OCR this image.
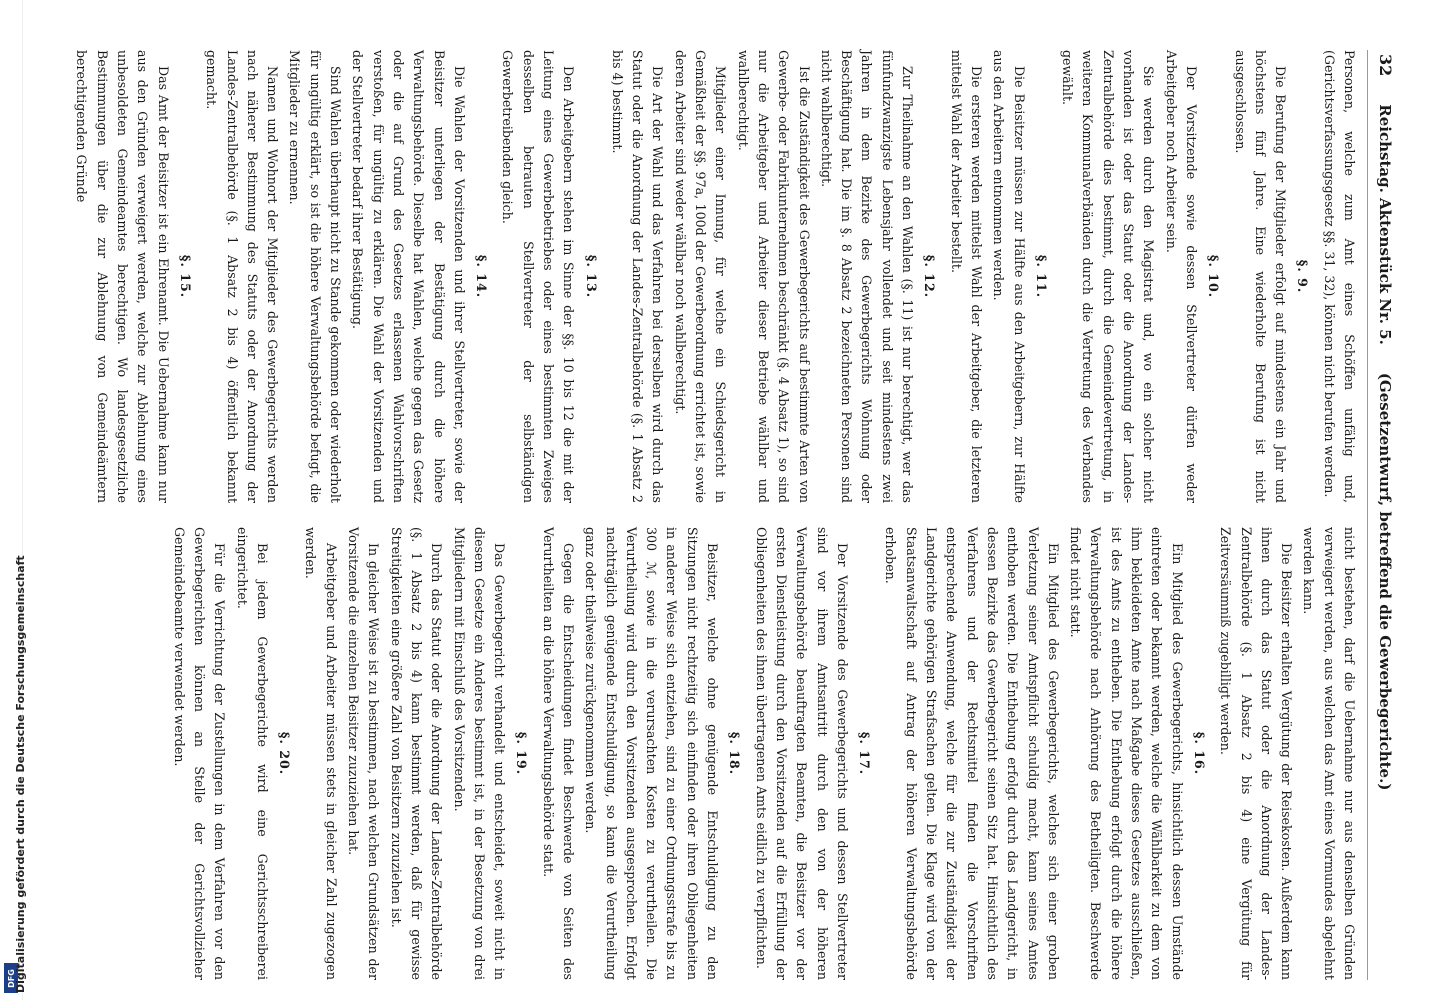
DFG
Digitalisierung gefördert durch die Deutsche Forschungsgemeinschaft
32
Reichstag. Aktenstück Nr. 5.
(Gesetzentwurf, betreffend die Gewerbegerichte.)

Personen, welche zum Amt eines Schöffen unfähig und, (Gerichtsverfassungsgesetz §§. 31, 32), können nicht berufen werden.

§. 9.

Die Berufung der Mitglieder erfolgt auf mindestens ein Jahr und höchstens fünf Jahre. Eine wiederholte Berufung ist nicht ausgeschlossen.

§. 10.

Der Vorsitzende sowie dessen Stellvertreter dürfen weder Arbeitgeber noch Arbeiter sein.

Sie werden durch den Magistrat und, wo ein solcher nicht vorhanden ist oder das Statut oder die Anordnung der Landes-Zentralbehörde dies bestimmt, durch die Gemeindevertretung, in weiteren Kommunalverbänden durch die Vertretung des Verbandes gewählt.

§. 11.

Die Beisitzer müssen zur Hälfte aus den Arbeitgebern, zur Hälfte aus den Arbeitern entnommen werden.

Die ersteren werden mittelst Wahl der Arbeitgeber, die letzteren mittelst Wahl der Arbeiter bestellt.

§. 12.

Zur Theilnahme an den Wahlen (§. 11) ist nur berechtigt, wer das fünfundzwanzigste Lebensjahr vollendet und seit mindestens zwei Jahren in dem Bezirke des Gewerbegerichts Wohnung oder Beschäftigung hat. Die im §. 8 Absatz 2 bezeichneten Personen sind nicht wahlberechtigt.

Ist die Zuständigkeit des Gewerbegerichts auf bestimmte Arten von Gewerbe- oder Fabrikunternehmen beschränkt (§. 4 Absatz 1), so sind nur die Arbeitgeber und Arbeiter dieser Betriebe wählbar und wahlberechtigt.

Mitglieder einer Innung, für welche ein Schiedsgericht in Gemäßheit der §§. 97a, 100d der Gewerbeordnung errichtet ist, sowie deren Arbeiter sind weder wählbar noch wahlberechtigt.

Die Art der Wahl und das Verfahren bei derselben wird durch das Statut oder die Anordnung der Landes-Zentralbehörde (§. 1 Absatz 2 bis 4) bestimmt.

§. 13.

Den Arbeitgebern stehen im Sinne der §§. 10 bis 12 die mit der Leitung eines Gewerbebetriebes oder eines bestimmten Zweiges desselben betrauten Stellvertreter der selbständigen Gewerbetreibenden gleich.

§. 14.

Die Wahlen der Vorsitzenden und ihrer Stellvertreter, sowie der Beisitzer unterliegen der Bestätigung durch die höhere Verwaltungsbehörde. Dieselbe hat Wahlen, welche gegen das Gesetz oder die auf Grund des Gesetzes erlassenen Wahlvorschriften verstoßen, für ungültig zu erklären. Die Wahl der Vorsitzenden und der Stellvertreter bedarf ihrer Bestätigung.

Sind Wahlen überhaupt nicht zu Stande gekommen oder wiederholt für ungültig erklärt, so ist die höhere Verwaltungsbehörde befugt, die Mitglieder zu ernennen.

Namen und Wohnort der Mitglieder des Gewerbegerichts werden nach näherer Bestimmung des Statuts oder der Anordnung der Landes-Zentralbehörde (§. 1 Absatz 2 bis 4) öffentlich bekannt gemacht.

§. 15.

Das Amt der Beisitzer ist ein Ehrenamt. Die Uebernahme kann nur aus den Gründen verweigert werden, welche zur Ablehnung eines unbesoldeten Gemeindeamtes berechtigen. Wo landesgesetzliche Bestimmungen über die zur Ablehnung von Gemeindeämtern berechtigenden Gründe

nicht bestehen, darf die Uebernahme nur aus denselben Gründen verweigert werden, aus welchen das Amt eines Vormundes abgelehnt werden kann.

Die Beisitzer erhalten Vergütung der Reisekosten. Außerdem kann ihnen durch das Statut oder die Anordnung der Landes-Zentralbehörde (§. 1 Absatz 2 bis 4) eine Vergütung für Zeitversäumniß zugebilligt werden.

§. 16.

Ein Mitglied des Gewerbegerichts, hinsichtlich dessen Umstände eintreten oder bekannt werden, welche die Wählbarkeit zu dem von ihm bekleideten Amte nach Maßgabe dieses Gesetzes ausschließen, ist des Amts zu entheben. Die Enthebung erfolgt durch die höhere Verwaltungsbehörde nach Anhörung des Betheiligten. Beschwerde findet nicht statt.

Ein Mitglied des Gewerbegerichts, welches sich einer groben Verletzung seiner Amtspflicht schuldig macht, kann seines Amtes enthoben werden. Die Enthebung erfolgt durch das Landgericht, in dessen Bezirke das Gewerbegericht seinen Sitz hat. Hinsichtlich des Verfahrens und der Rechtsmittel finden die Vorschriften entsprechende Anwendung, welche für die zur Zuständigkeit der Landgerichte gehörigen Strafsachen gelten. Die Klage wird von der Staatsanwaltschaft auf Antrag der höheren Verwaltungsbehörde erhoben.

§. 17.

Der Vorsitzende des Gewerbegerichts und dessen Stellvertreter sind vor ihrem Amtsantritt durch den von der höheren Verwaltungsbehörde beauftragten Beamten, die Beisitzer vor der ersten Dienstleistung durch den Vorsitzenden auf die Erfüllung der Obliegenheiten des ihnen übertragenen Amts eidlich zu verpflichten.

§. 18.

Beisitzer, welche ohne genügende Entschuldigung zu den Sitzungen nicht rechtzeitig sich einfinden oder ihren Obliegenheiten in anderer Weise sich entziehen, sind zu einer Ordnungsstrafe bis zu 300 ℳ, sowie in die verursachten Kosten zu verurtheilen. Die Verurtheilung wird durch den Vorsitzenden ausgesprochen. Erfolgt nachträglich genügende Entschuldigung, so kann die Verurtheilung ganz oder theilweise zurückgenommen werden.

Gegen die Entscheidungen findet Beschwerde von Seiten des Verurtheilten an die höhere Verwaltungsbehörde statt.

§. 19.

Das Gewerbegericht verhandelt und entscheidet, soweit nicht in diesem Gesetze ein Anderes bestimmt ist, in der Besetzung von drei Mitgliedern mit Einschluß des Vorsitzenden.

Durch das Statut oder die Anordnung der Landes-Zentralbehörde (§. 1 Absatz 2 bis 4) kann bestimmt werden, daß für gewisse Streitigkeiten eine größere Zahl von Beisitzern zuzuziehen ist.

In gleicher Weise ist zu bestimmen, nach welchen Grundsätzen der Vorsitzende die einzelnen Beisitzer zuzuziehen hat.

Arbeitgeber und Arbeiter müssen stets in gleicher Zahl zugezogen werden.

§. 20.

Bei jedem Gewerbegerichte wird eine Gerichtsschreiberei eingerichtet.

Für die Verrichtung der Zustellungen in dem Verfahren vor den Gewerbegerichten können an Stelle der Gerichtsvollzieher Gemeindebeamte verwendet werden.
